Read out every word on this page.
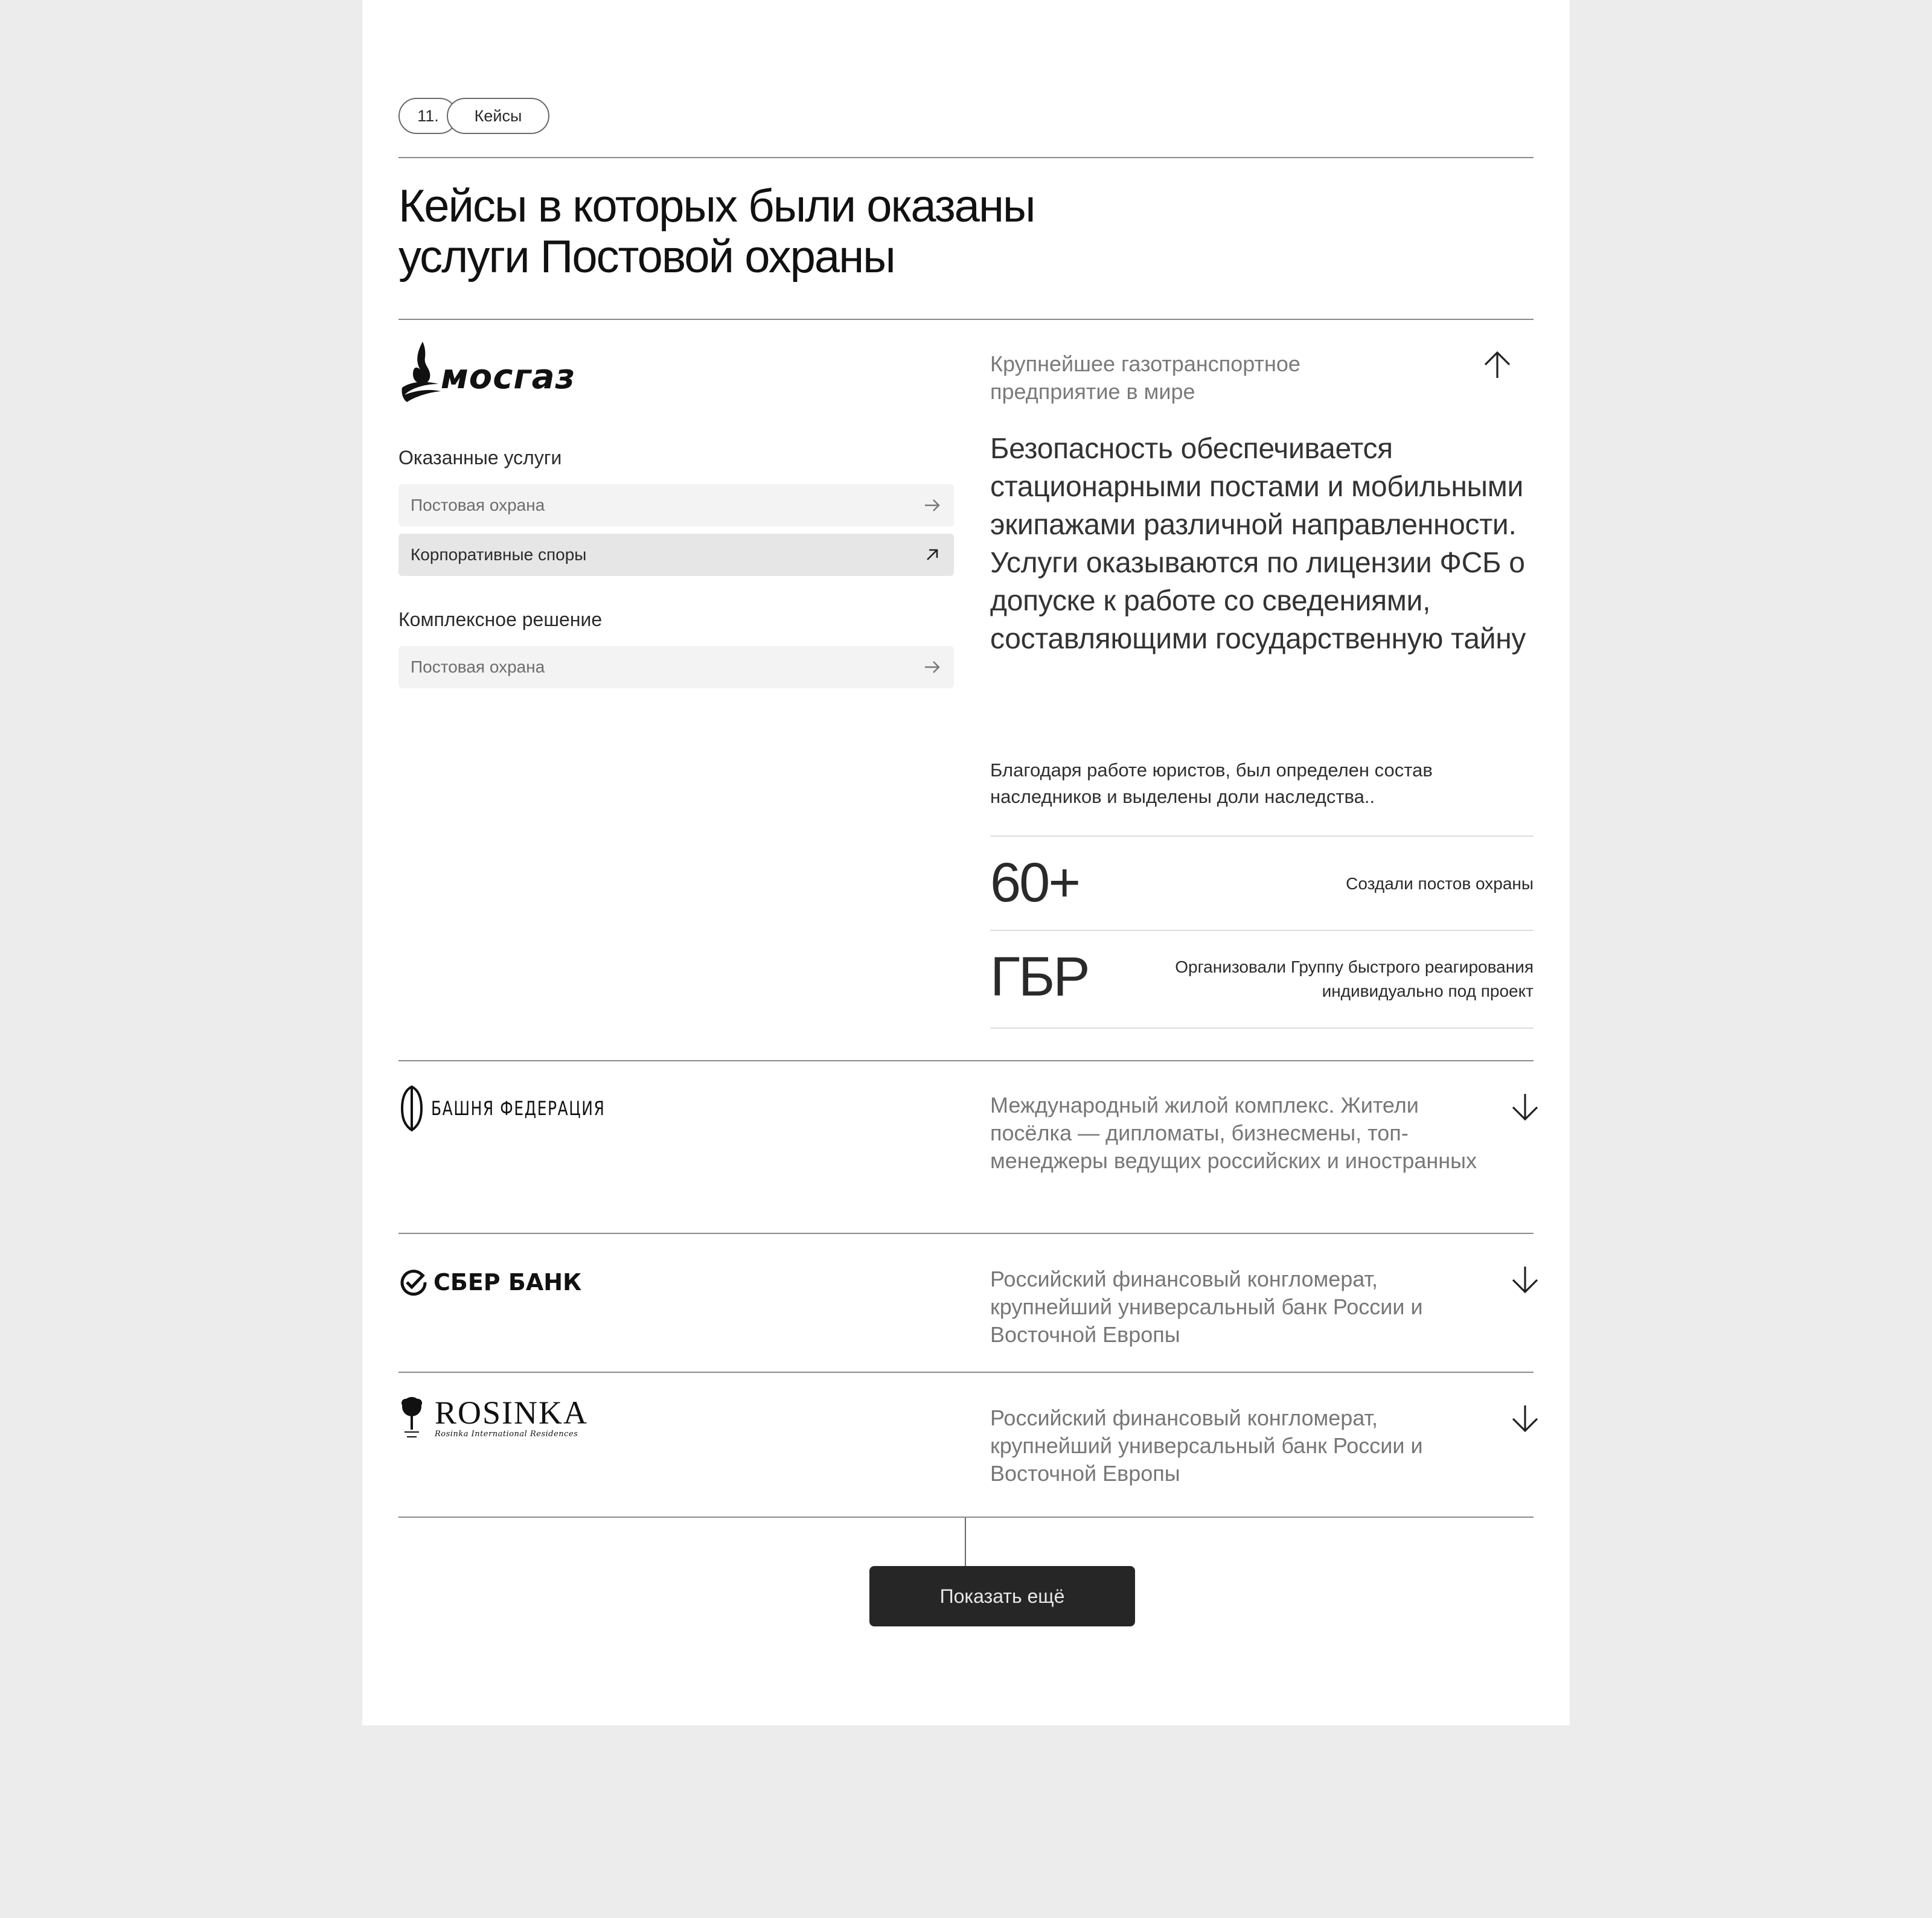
11.	Кейсы
Кейсы в которых были оказаны
услуги Постовой охраны
мосгаз
Оказанные услуги
Постовая охрана
Корпоративные споры
Комплексное решение
Постовая охрана
Крупнейшее газотранспортное
предприятие в мире
Безопасность обеспечивается стационарными постами и мобильными экипажами различной направленности. Услуги оказываются по лицензии ФСБ о допуске к работе со сведениями, составляющими государственную тайну
Благодаря работе юристов, был определен состав наследников и выделены доли наследства..
60+	Создали постов охраны
ГБР	Организовали Группу быстрого реагирования
индивидуально под проект
БАШНЯ ФЕДЕРАЦИЯ	Международный жилой комплекс. Жители посёлка — дипломаты, бизнесмены, топ-менеджеры ведущих российских и иностранных
СБЕР БАНК	Российский финансовый конгломерат, крупнейший универсальный банк России и Восточной Европы
ROSINKA
Rosinka International Residences
Российский финансовый конгломерат, крупнейший универсальный банк России и Восточной Европы
Показать ещё
